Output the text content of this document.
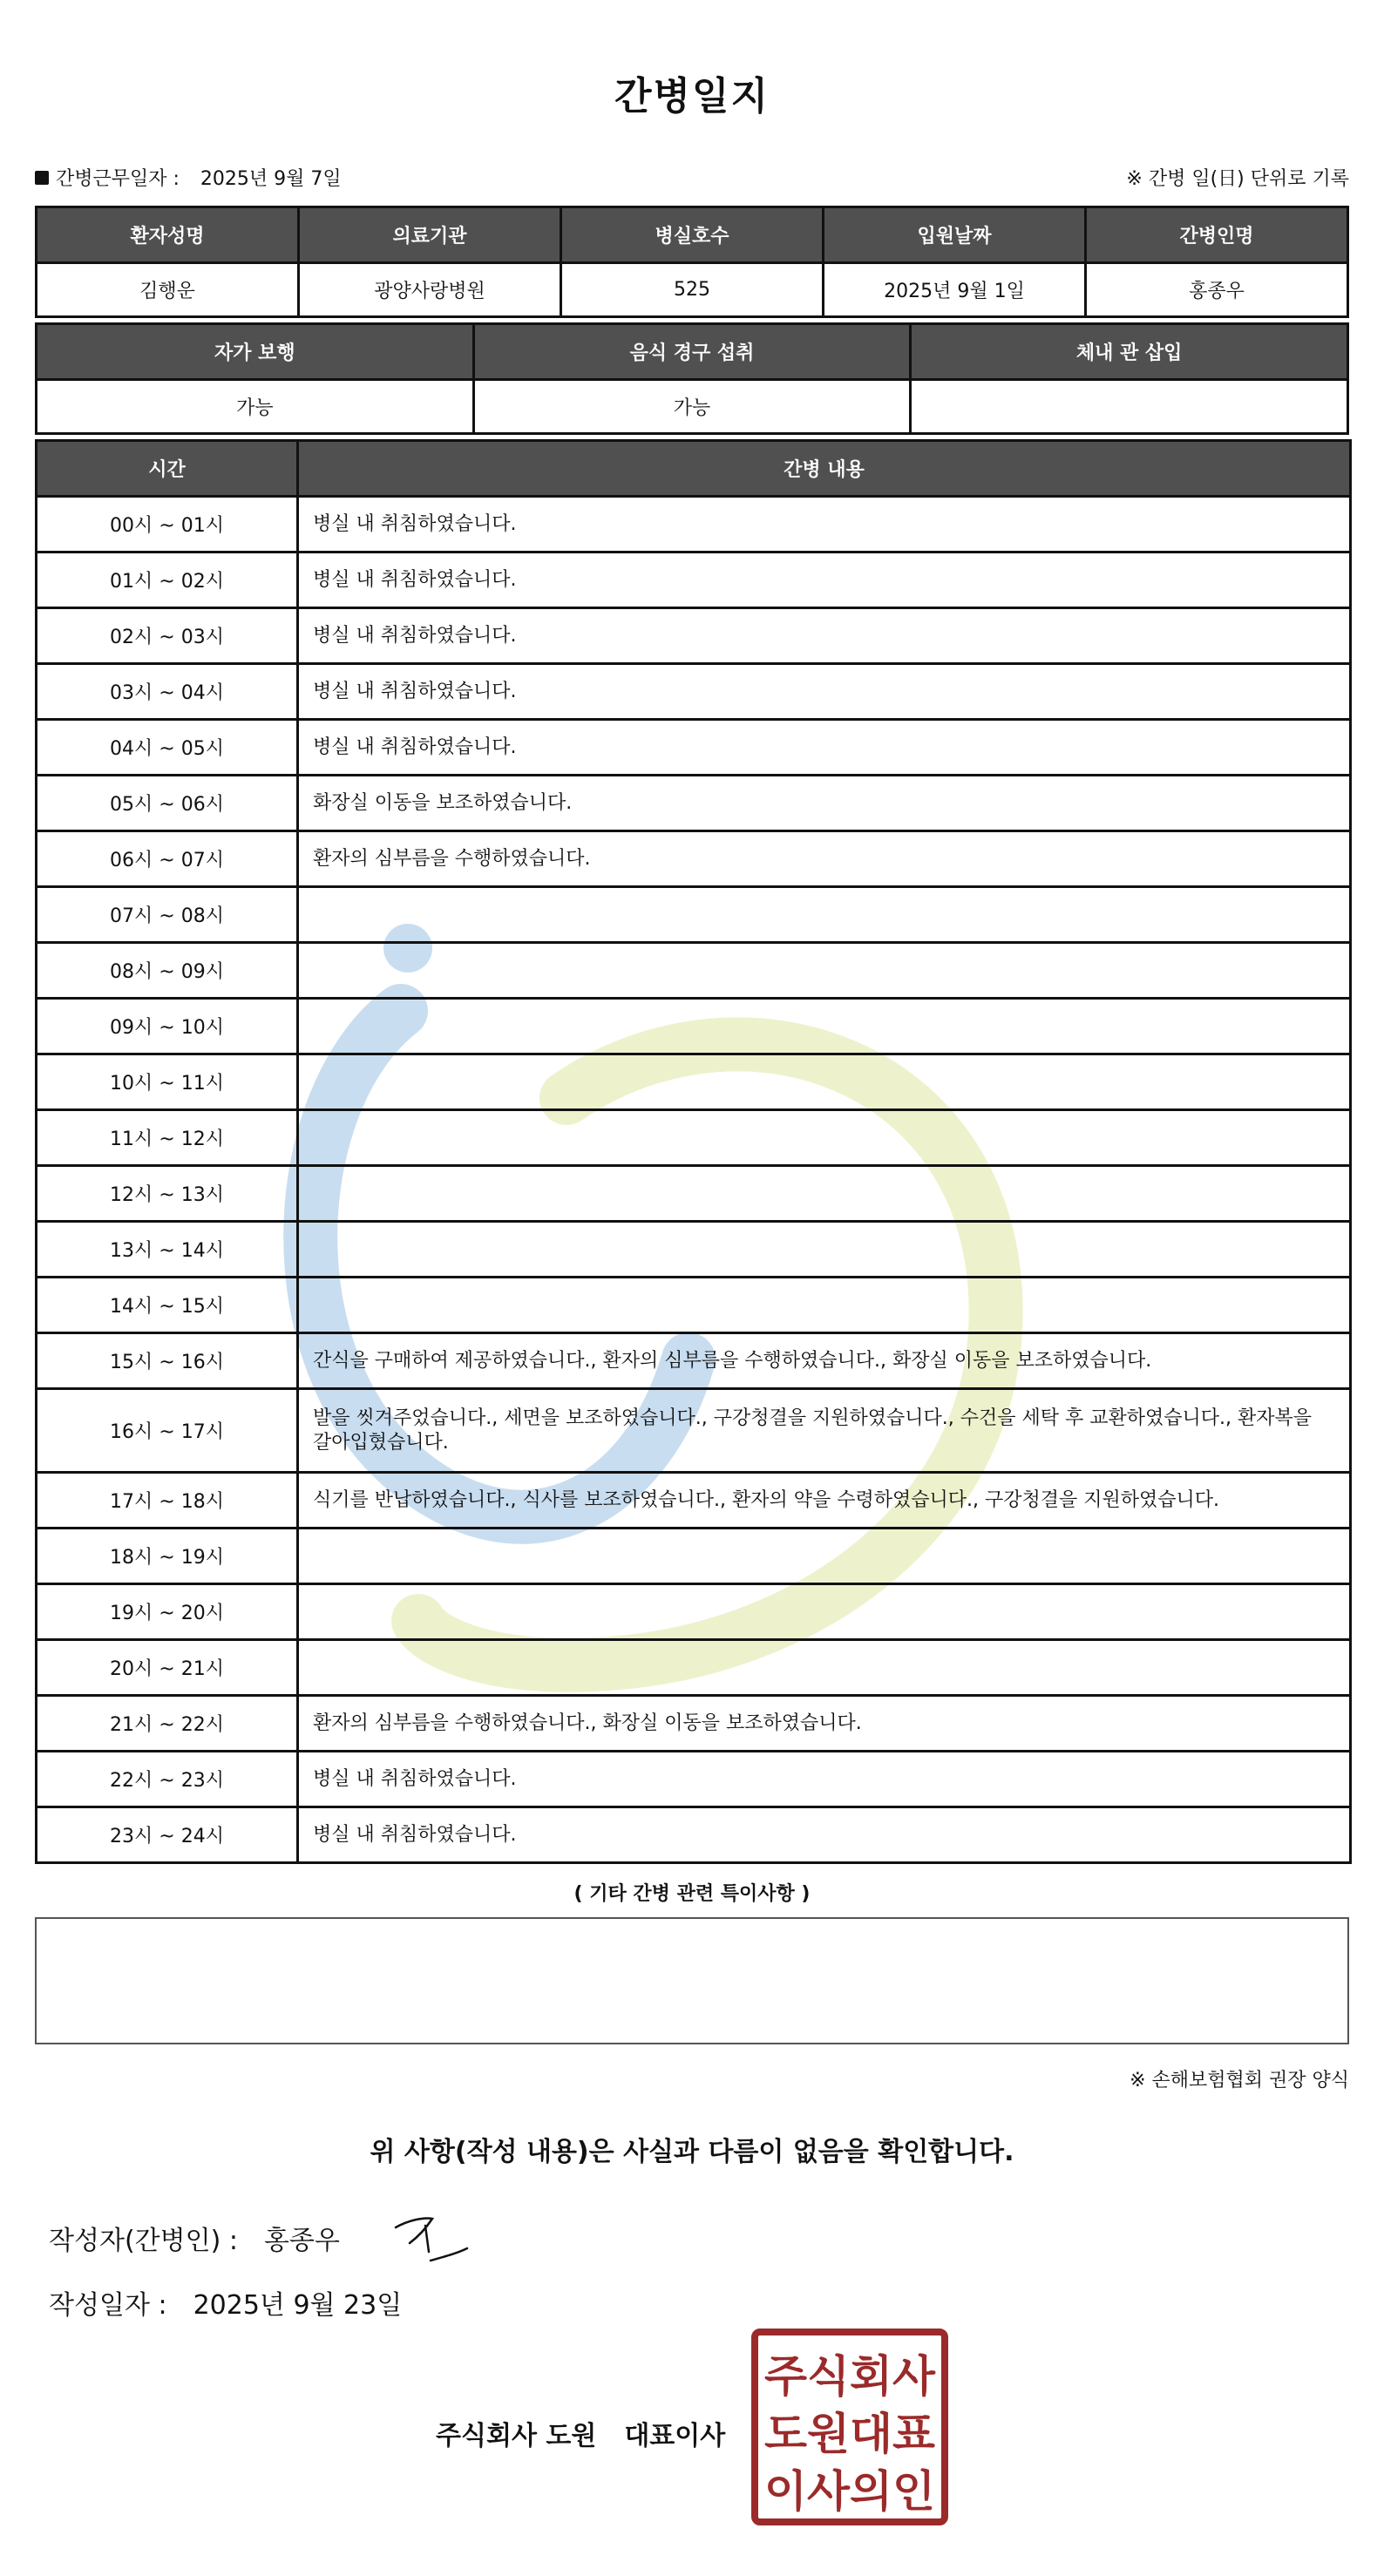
간병일지
간병근무일자 : 2025년 9월 7일	※ 간병 일(日) 단위로 기록
환자성명	의료기관	병실호수	입원날짜	간병인명
김행운	광양사랑병원	525	2025년 9월 1일	홍종우
자가 보행	음식 경구 섭취	체내 관 삽입
가능	가능	
시간	간병 내용
00시 ~ 01시	병실 내 취침하였습니다.
01시 ~ 02시	병실 내 취침하였습니다.
02시 ~ 03시	병실 내 취침하였습니다.
03시 ~ 04시	병실 내 취침하였습니다.
04시 ~ 05시	병실 내 취침하였습니다.
05시 ~ 06시	화장실 이동을 보조하였습니다.
06시 ~ 07시	환자의 심부름을 수행하였습니다.
07시 ~ 08시	
08시 ~ 09시	
09시 ~ 10시	
10시 ~ 11시	
11시 ~ 12시	
12시 ~ 13시	
13시 ~ 14시	
14시 ~ 15시	
15시 ~ 16시	간식을 구매하여 제공하였습니다., 환자의 심부름을 수행하였습니다., 화장실 이동을 보조하였습니다.
16시 ~ 17시	발을 씻겨주었습니다., 세면을 보조하였습니다., 구강청결을 지원하였습니다., 수건을 세탁 후 교환하였습니다., 환자복을 갈아입혔습니다.
17시 ~ 18시	식기를 반납하였습니다., 식사를 보조하였습니다., 환자의 약을 수령하였습니다., 구강청결을 지원하였습니다.
18시 ~ 19시	
19시 ~ 20시	
20시 ~ 21시	
21시 ~ 22시	환자의 심부름을 수행하였습니다., 화장실 이동을 보조하였습니다.
22시 ~ 23시	병실 내 취침하였습니다.
23시 ~ 24시	병실 내 취침하였습니다.
( 기타 간병 관련 특이사항 )
※ 손해보험협회 권장 양식
위 사항(작성 내용)은 사실과 다름이 없음을 확인합니다.
작성자(간병인) : 홍종우
작성일자 : 2025년 9월 23일
주식회사 도원 대표이사
주식회사
도원대표
이사의인
